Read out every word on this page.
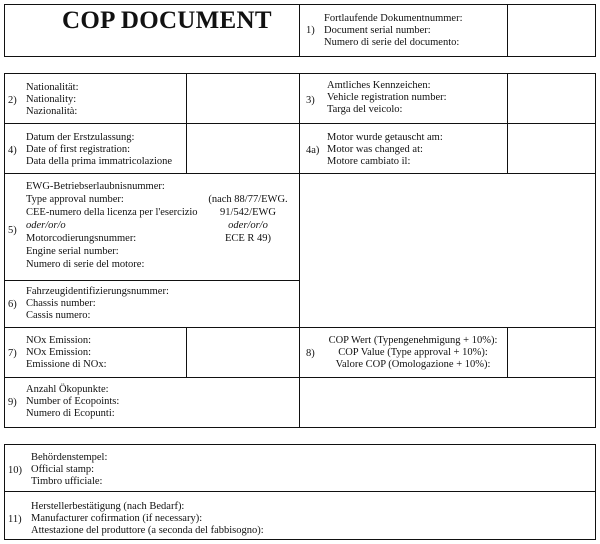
COP DOCUMENT	1)
Fortlaufende Dokumentnummer:
Document serial number:
Numero di serie del documento:
2)
Nationalität:
Nationality:
Nazionalità:
3)
Amtliches Kennzeichen:
Vehicle registration number:
Targa del veicolo:
4)
Datum der Erstzulassung:
Date of first registration:
Data della prima immatricolazione
4a)
Motor wurde getauscht am:
Motor was changed at:
Motore cambiato il:
5)
EWG-Betriebserlaubnisnummer:
Type approval number:
CEE-numero della licenza per l'esercizio
oder/or/o
Motorcodierungsnummer:
Engine serial number:
Numero di serie del motore:
(nach 88/77/EWG.
91/542/EWG
oder/or/o
ECE R 49)
6)
Fahrzeugidentifizierungsnummer:
Chassis number:
Cassis numero:
7)
NOx Emission:
NOx Emission:
Emissione di NOx:
8)
COP Wert (Typengenehmigung + 10%):
COP Value (Type approval + 10%):
Valore COP (Omologazione + 10%):
9)
Anzahl Ökopunkte:
Number of Ecopoints:
Numero di Ecopunti:
10)
Behördenstempel:
Official stamp:
Timbro ufficiale:
11)
Herstellerbestätigung (nach Bedarf):
Manufacturer cofirmation (if necessary):
Attestazione del produttore (a seconda del fabbisogno):
